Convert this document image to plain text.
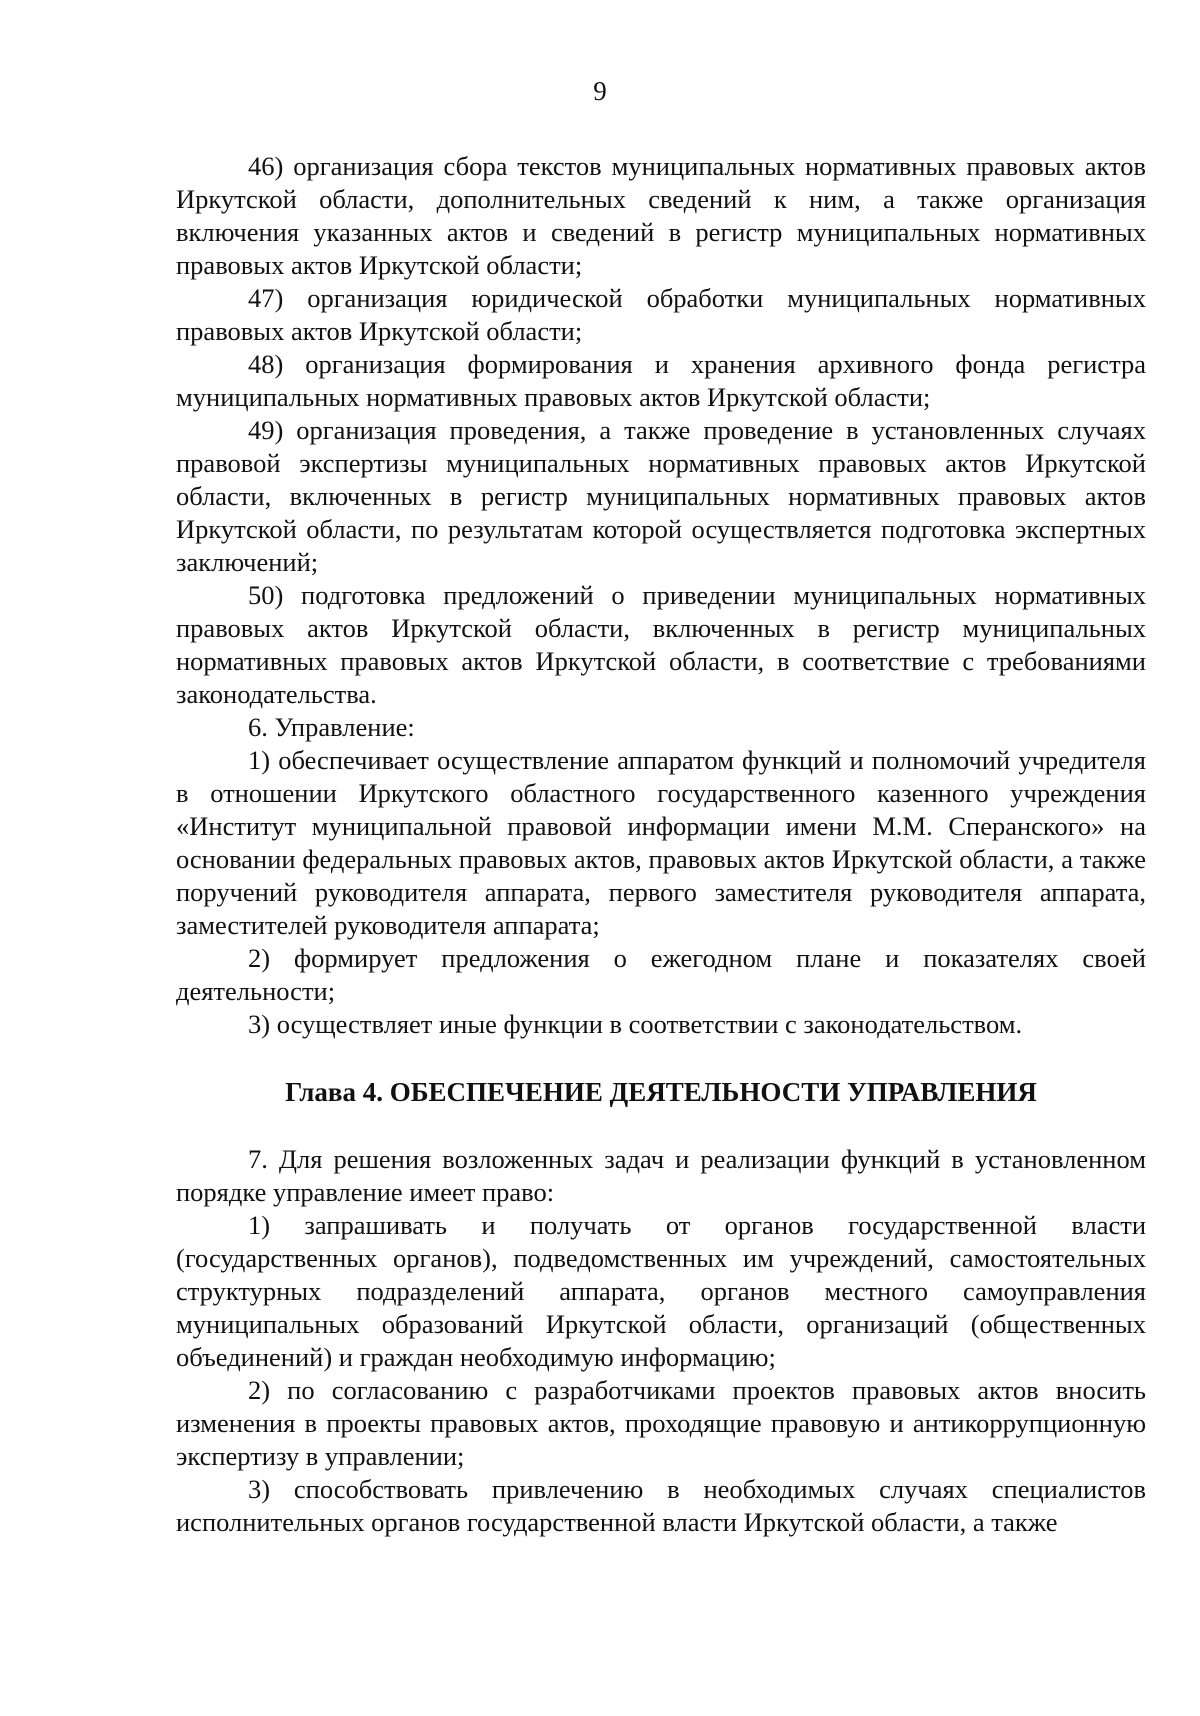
9

46) организация сбора текстов муниципальных нормативных правовых актов Иркутской области, дополнительных сведений к ним, а также организация включения указанных актов и сведений в регистр муниципальных нормативных правовых актов Иркутской области;

47) организация юридической обработки муниципальных нормативных правовых актов Иркутской области;

48) организация формирования и хранения архивного фонда регистра муниципальных нормативных правовых актов Иркутской области;

49) организация проведения, а также проведение в установленных случаях правовой экспертизы муниципальных нормативных правовых актов Иркутской области, включенных в регистр муниципальных нормативных правовых актов Иркутской области, по результатам которой осуществляется подготовка экспертных заключений;

50) подготовка предложений о приведении муниципальных нормативных правовых актов Иркутской области, включенных в регистр муниципальных нормативных правовых актов Иркутской области, в соответствие с требованиями законодательства.

6. Управление:

1) обеспечивает осуществление аппаратом функций и полномочий учредителя в отношении Иркутского областного государственного казенного учреждения «Институт муниципальной правовой информации имени М.М. Сперанского» на основании федеральных правовых актов, правовых актов Иркутской области, а также поручений руководителя аппарата, первого заместителя руководителя аппарата, заместителей руководителя аппарата;

2) формирует предложения о ежегодном плане и показателях своей деятельности;

3) осуществляет иные функции в соответствии с законодательством.

Глава 4. ОБЕСПЕЧЕНИЕ ДЕЯТЕЛЬНОСТИ УПРАВЛЕНИЯ

7. Для решения возложенных задач и реализации функций в установленном порядке управление имеет право:

1) запрашивать и получать от органов государственной власти (государственных органов), подведомственных им учреждений, самостоятельных структурных подразделений аппарата, органов местного самоуправления муниципальных образований Иркутской области, организаций (общественных объединений) и граждан необходимую информацию;

2) по согласованию с разработчиками проектов правовых актов вносить изменения в проекты правовых актов, проходящие правовую и антикоррупционную экспертизу в управлении;

3) способствовать привлечению в необходимых случаях специалистов исполнительных органов государственной власти Иркутской области, а также
